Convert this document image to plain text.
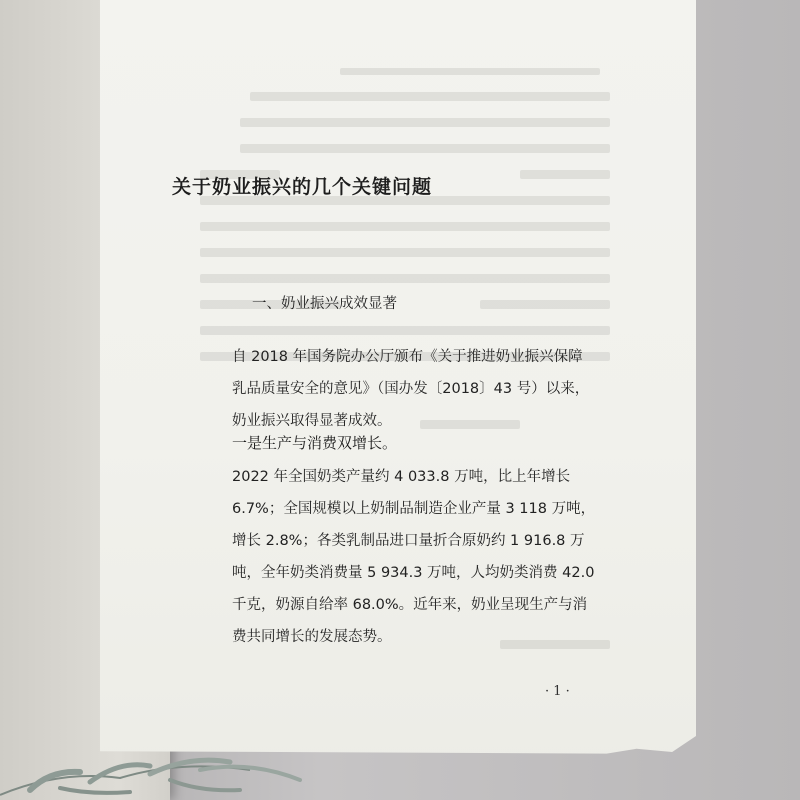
关于奶业振兴的几个关键问题
一、奶业振兴成效显著

自 2018 年国务院办公厅颁布《关于推进奶业振兴保障乳品质量安全的意见》（国办发〔2018〕43 号）以来，奶业振兴取得显著成效。

一是生产与消费双增长。

2022 年全国奶类产量约 4 033.8 万吨，比上年增长 6.7%；全国规模以上奶制品制造企业产量 3 118 万吨，增长 2.8%；各类乳制品进口量折合原奶约 1 916.8 万吨，全年奶类消费量 5 934.3 万吨，人均奶类消费 42.0 千克，奶源自给率 68.0%。近年来，奶业呈现生产与消费共同增长的发展态势。

· 1 ·
